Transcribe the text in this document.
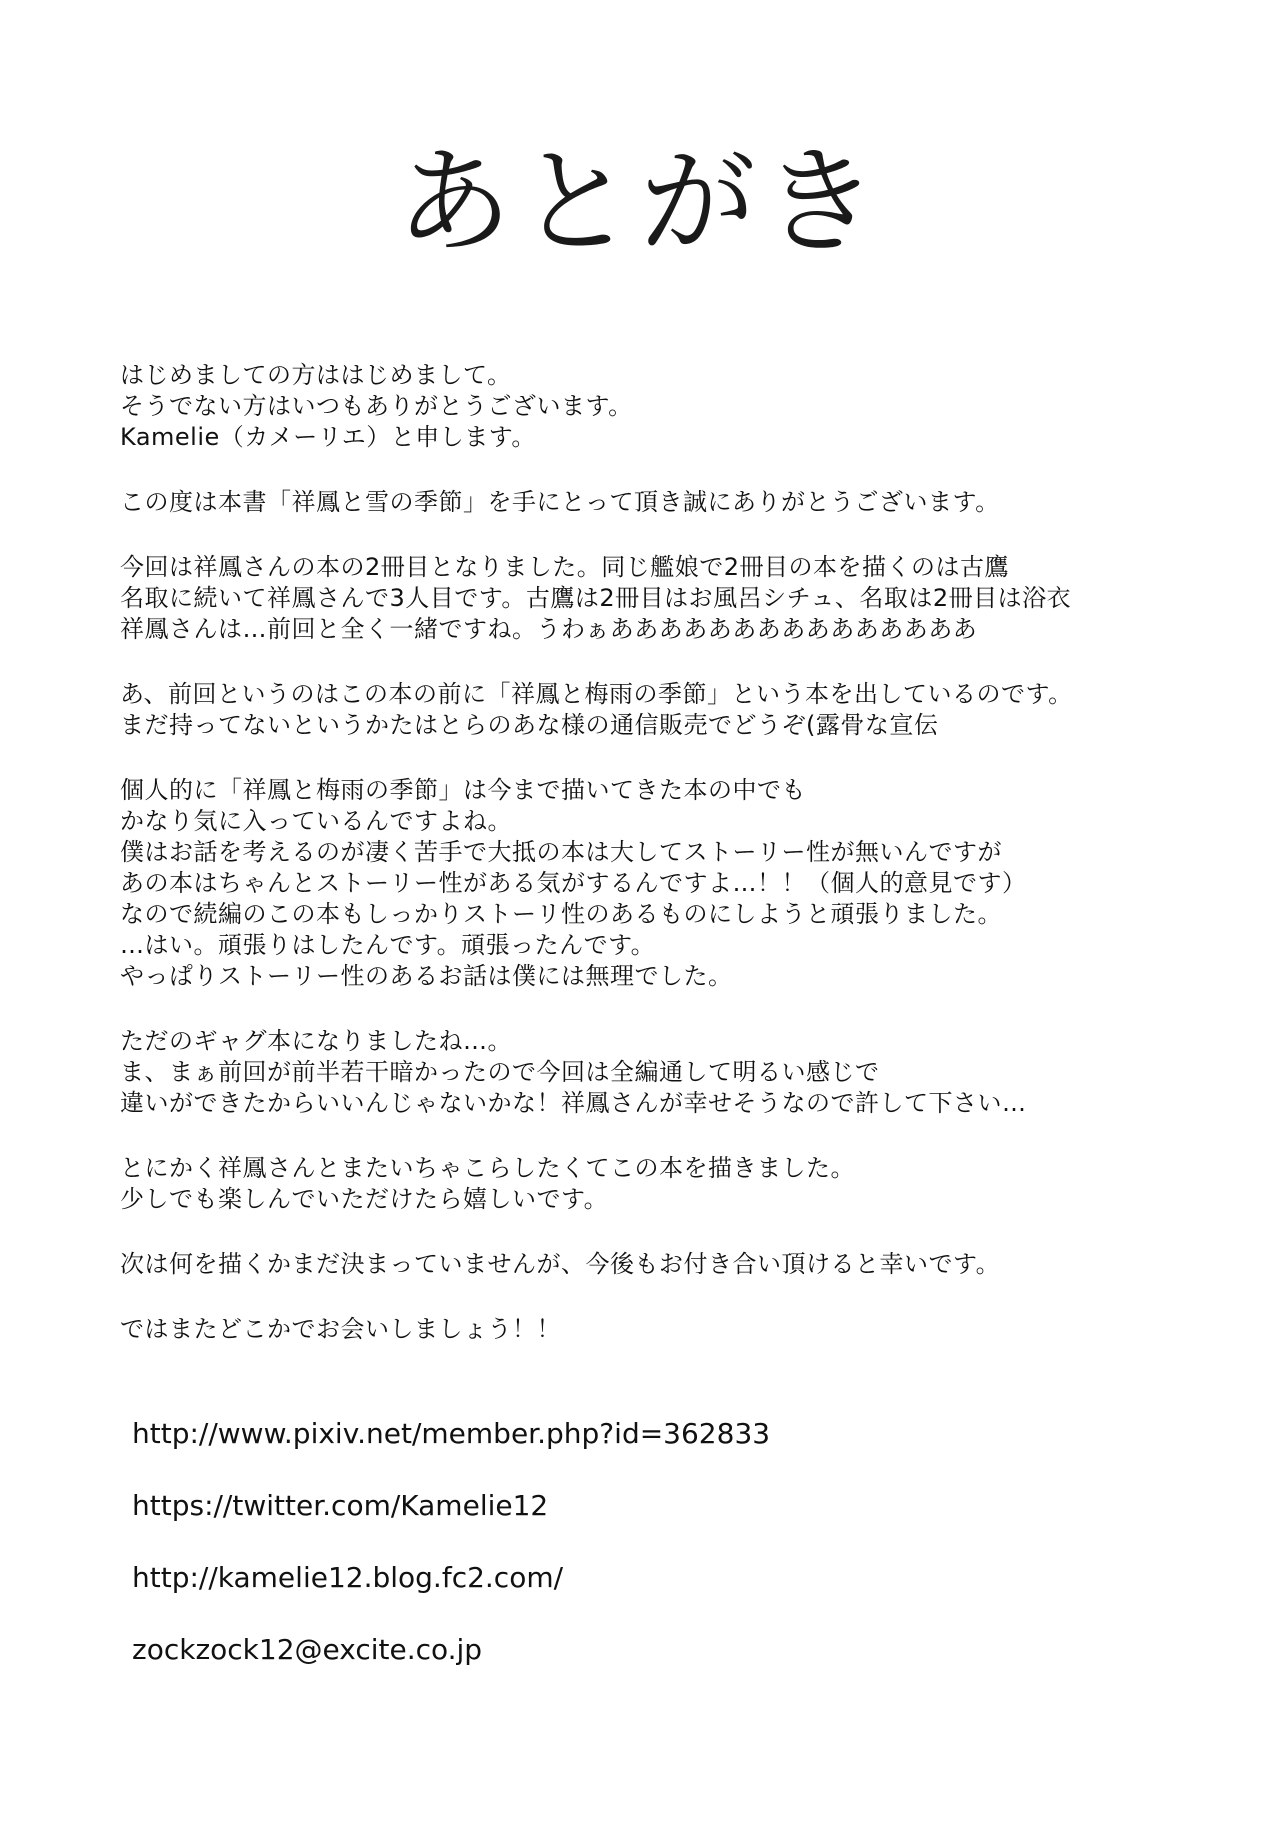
あとがき
はじめましての方ははじめまして。
そうでない方はいつもありがとうございます。
Kamelie（カメーリエ）と申します。
この度は本書「祥鳳と雪の季節」を手にとって頂き誠にありがとうございます。
今回は祥鳳さんの本の2冊目となりました。同じ艦娘で2冊目の本を描くのは古鷹
名取に続いて祥鳳さんで3人目です。古鷹は2冊目はお風呂シチュ、名取は2冊目は浴衣
祥鳳さんは…前回と全く一緒ですね。うわぁあああああああああああああああ
あ、前回というのはこの本の前に「祥鳳と梅雨の季節」という本を出しているのです。
まだ持ってないというかたはとらのあな様の通信販売でどうぞ(露骨な宣伝
個人的に「祥鳳と梅雨の季節」は今まで描いてきた本の中でも
かなり気に入っているんですよね。
僕はお話を考えるのが凄く苦手で大抵の本は大してストーリー性が無いんですが
あの本はちゃんとストーリー性がある気がするんですよ…！！（個人的意見です）
なので続編のこの本もしっかりストーリ性のあるものにしようと頑張りました。
…はい。頑張りはしたんです。頑張ったんです。
やっぱりストーリー性のあるお話は僕には無理でした。
ただのギャグ本になりましたね…。
ま、まぁ前回が前半若干暗かったので今回は全編通して明るい感じで
違いができたからいいんじゃないかな！祥鳳さんが幸せそうなので許して下さい…
とにかく祥鳳さんとまたいちゃこらしたくてこの本を描きました。
少しでも楽しんでいただけたら嬉しいです。
次は何を描くかまだ決まっていませんが、今後もお付き合い頂けると幸いです。
ではまたどこかでお会いしましょう！！
http://www.pixiv.net/member.php?id=362833
https://twitter.com/Kamelie12
http://kamelie12.blog.fc2.com/
zockzock12@excite.co.jp
